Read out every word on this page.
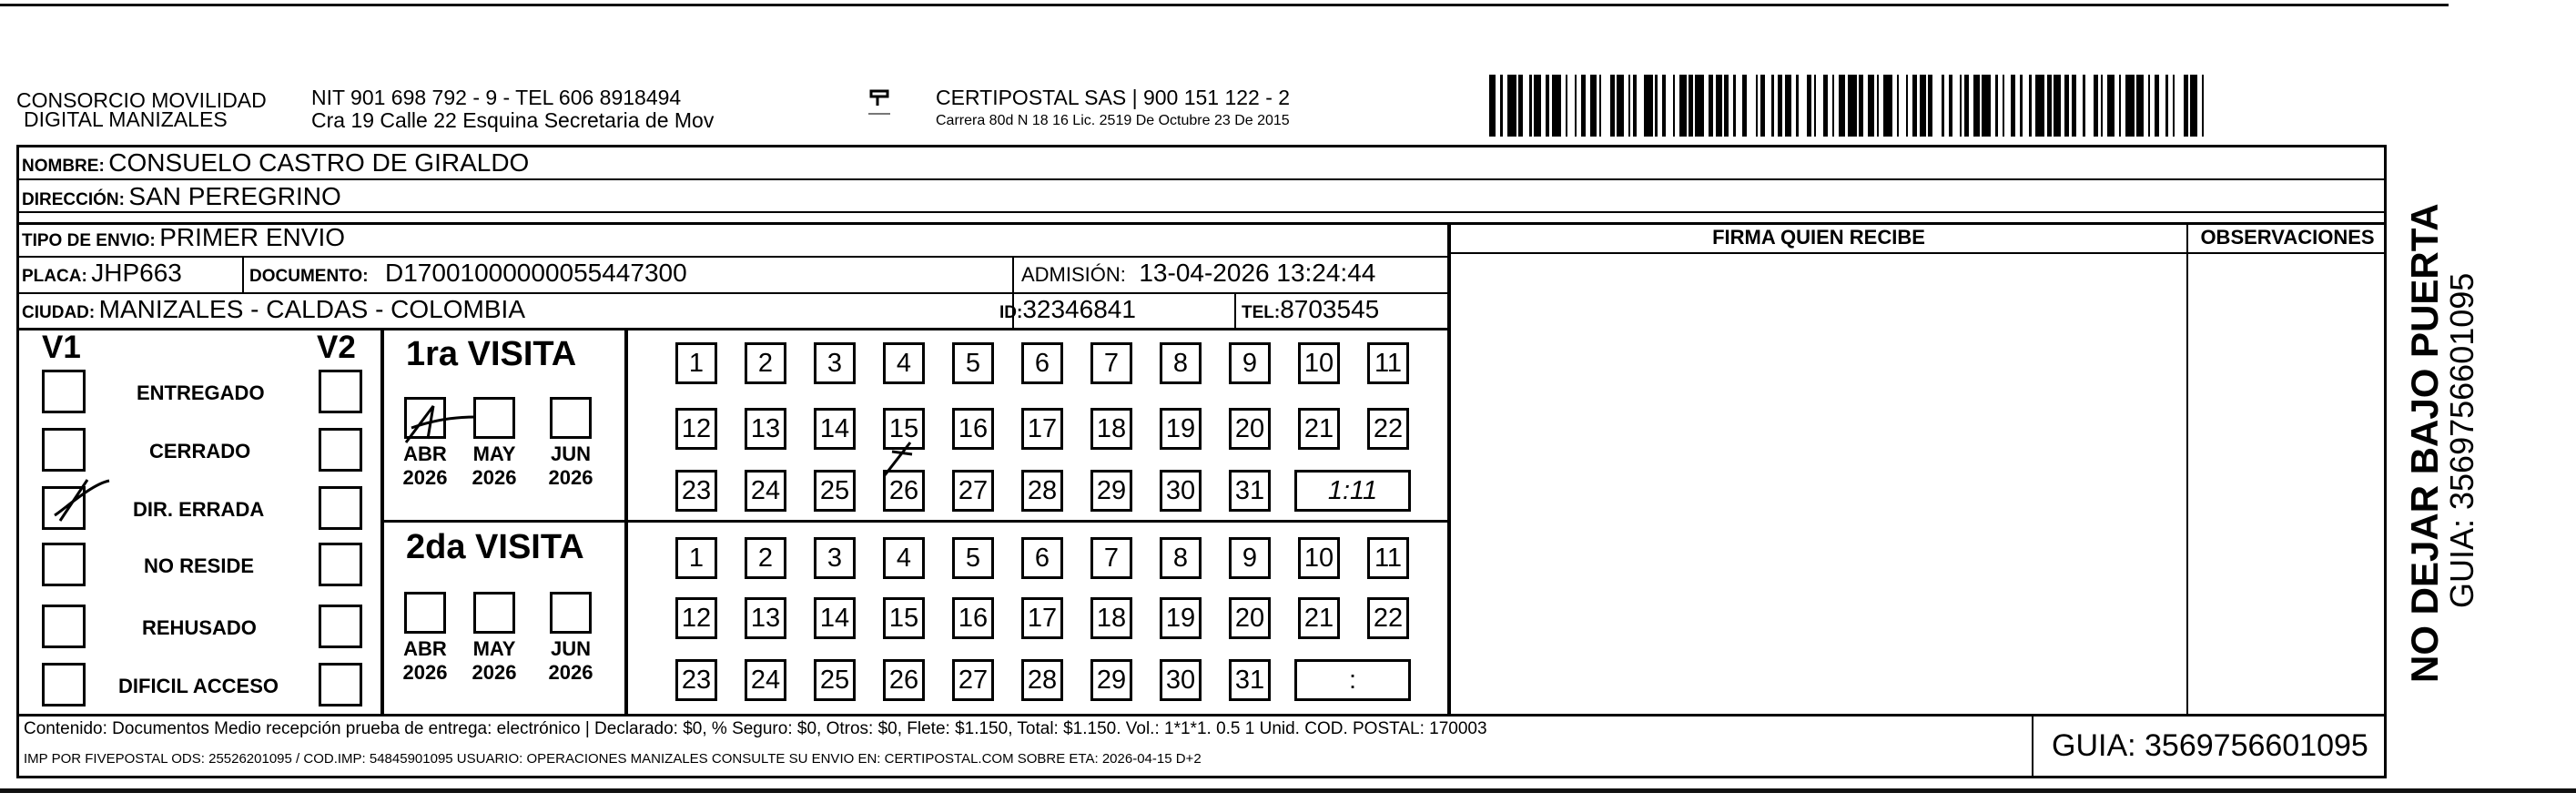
CONSORCIO MOVILIDAD
DIGITAL MANIZALES
NIT 901 698 792 - 9 - TEL 606 8918494
Cra 19 Calle 22 Esquina Secretaria de Mov
CERTIPOSTAL SAS | 900 151 122 - 2
Carrera 80d N 18 16 Lic. 2519 De Octubre 23 De 2015
NOMBRE: CONSUELO CASTRO DE GIRALDO
DIRECCIÓN: SAN PEREGRINO
TIPO DE ENVIO: PRIMER ENVIO
PLACA: JHP663	DOCUMENTO: D17001000000055447300	ADMISIÓN: 13-04-2026 13:24:44
CIUDAD: MANIZALES - CALDAS - COLOMBIA	ID:32346841	TEL:8703545
FIRMA QUIEN RECIBE	OBSERVACIONES
V1	V2
ENTREGADO
CERRADO
DIR. ERRADA
NO RESIDE
REHUSADO
DIFICIL ACCESO
1ra VISITA
2da VISITA
ABR
2026
MAY
2026
JUN
2026
ABR
2026
MAY
2026
JUN
2026
1	2	3	4	5	6	7	8	9	10 11
12 13 14 15 16 17 18 19 20 21 22
23 24 25 26 27 28 29 30 31	1:11
1	2	3	4	5	6	7	8	9	10 11
12 13 14 15 16 17 18 19 20 21 22
23 24 25 26 27 28 29 30 31	:
Contenido: Documentos Medio recepción prueba de entrega: electrónico | Declarado: $0, % Seguro: $0, Otros: $0, Flete: $1.150, Total: $1.150. Vol.: 1*1*1. 0.5 1 Unid. COD. POSTAL: 170003
IMP POR FIVEPOSTAL ODS: 25526201095 / COD.IMP: 54845901095 USUARIO: OPERACIONES MANIZALES CONSULTE SU ENVIO EN: CERTIPOSTAL.COM SOBRE ETA: 2026-04-15 D+2	GUIA: 3569756601095
NO DEJAR BAJO PUERTA
GUIA: 3569756601095
